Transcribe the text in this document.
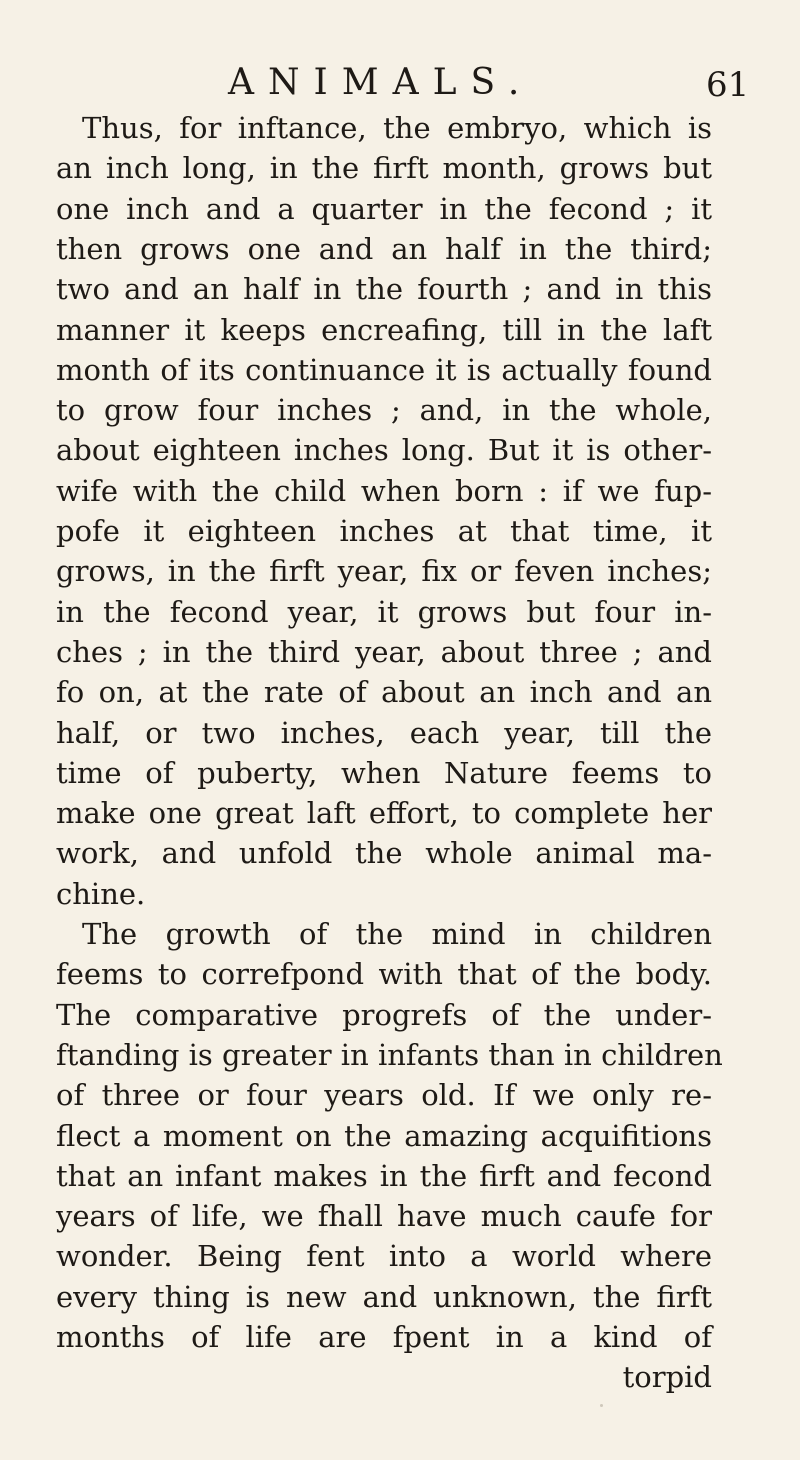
ANIMALS.	61
Thus, for inftance, the embryo, which is
an inch long, in the firft month, grows but
one inch and a quarter in the fecond ; it
then grows one and an half in the third;
two and an half in the fourth ; and in this
manner it keeps encreafing, till in the laft
month of its continuance it is actually found
to grow four inches ; and, in the whole,
about eighteen inches long. But it is other-
wife with the child when born : if we fup-
pofe it eighteen inches at that time, it
grows, in the firft year, fix or feven inches;
in the fecond year, it grows but four in-
ches ; in the third year, about three ; and
fo on, at the rate of about an inch and an
half, or two inches, each year, till the
time of puberty, when Nature feems to
make one great laft effort, to complete her
work, and unfold the whole animal ma-
chine.
The growth of the mind in children
feems to correfpond with that of the body.
The comparative progrefs of the under-
ftanding is greater in infants than in children
of three or four years old. If we only re-
flect a moment on the amazing acquifitions
that an infant makes in the firft and fecond
years of life, we fhall have much caufe for
wonder. Being fent into a world where
every thing is new and unknown, the firft
months of life are fpent in a kind of
torpid
